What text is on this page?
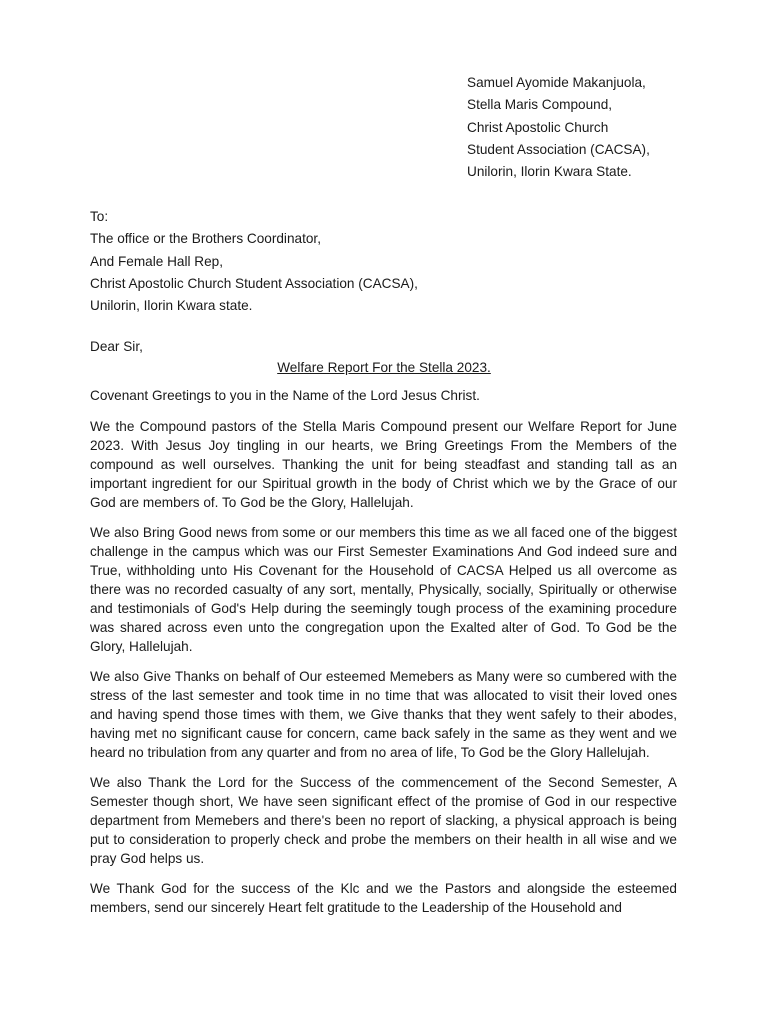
Samuel Ayomide Makanjuola,
Stella Maris Compound,
Christ Apostolic Church
Student Association (CACSA),
Unilorin, Ilorin Kwara State.
To:
The office or the Brothers Coordinator,
And Female Hall Rep,
Christ Apostolic Church Student Association (CACSA),
Unilorin, Ilorin Kwara state.
Dear Sir,
Welfare Report For the Stella 2023.

Covenant Greetings to you in the Name of the Lord Jesus Christ.

We the Compound pastors of the Stella Maris Compound present our Welfare Report for June 2023. With Jesus Joy tingling in our hearts, we Bring Greetings From the Members of the compound as well ourselves. Thanking the unit for being steadfast and standing tall as an important ingredient for our Spiritual growth in the body of Christ which we by the Grace of our God are members of. To God be the Glory, Hallelujah.

We also Bring Good news from some or our members this time as we all faced one of the biggest challenge in the campus which was our First Semester Examinations And God indeed sure and True, withholding unto His Covenant for the Household of CACSA Helped us all overcome as there was no recorded casualty of any sort, mentally, Physically, socially, Spiritually or otherwise and testimonials of God's Help during the seemingly tough process of the examining procedure was shared across even unto the congregation upon the Exalted alter of God. To God be the Glory, Hallelujah.

We also Give Thanks on behalf of Our esteemed Memebers as Many were so cumbered with the stress of the last semester and took time in no time that was allocated to visit their loved ones and having spend those times with them, we Give thanks that they went safely to their abodes, having met no significant cause for concern, came back safely in the same as they went and we heard no tribulation from any quarter and from no area of life, To God be the Glory Hallelujah.

We also Thank the Lord for the Success of the commencement of the Second Semester, A Semester though short, We have seen significant effect of the promise of God in our respective department from Memebers and there's been no report of slacking, a physical approach is being put to consideration to properly check and probe the members on their health in all wise and we pray God helps us.

We Thank God for the success of the Klc and we the Pastors and alongside the esteemed members, send our sincerely Heart felt gratitude to the Leadership of the Household and
